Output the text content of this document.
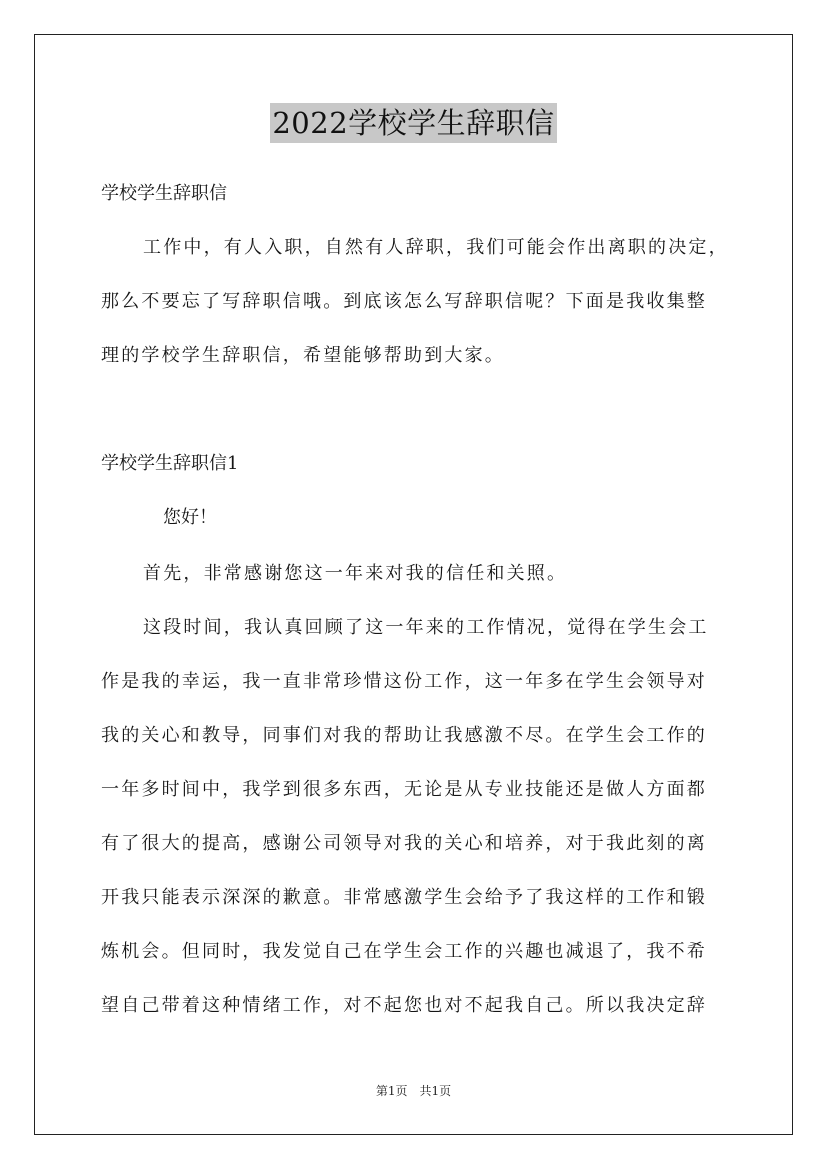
2022学校学生辞职信
学校学生辞职信
工作中，有人入职，自然有人辞职，我们可能会作出离职的决定，
那么不要忘了写辞职信哦。到底该怎么写辞职信呢？下面是我收集整
理的学校学生辞职信，希望能够帮助到大家。
学校学生辞职信1
您好！
首先，非常感谢您这一年来对我的信任和关照。
这段时间，我认真回顾了这一年来的工作情况，觉得在学生会工
作是我的幸运，我一直非常珍惜这份工作，这一年多在学生会领导对
我的关心和教导，同事们对我的帮助让我感激不尽。在学生会工作的
一年多时间中，我学到很多东西，无论是从专业技能还是做人方面都
有了很大的提高，感谢公司领导对我的关心和培养，对于我此刻的离
开我只能表示深深的歉意。非常感激学生会给予了我这样的工作和锻
炼机会。但同时，我发觉自己在学生会工作的兴趣也减退了，我不希
望自己带着这种情绪工作，对不起您也对不起我自己。所以我决定辞
第1页　共1页
